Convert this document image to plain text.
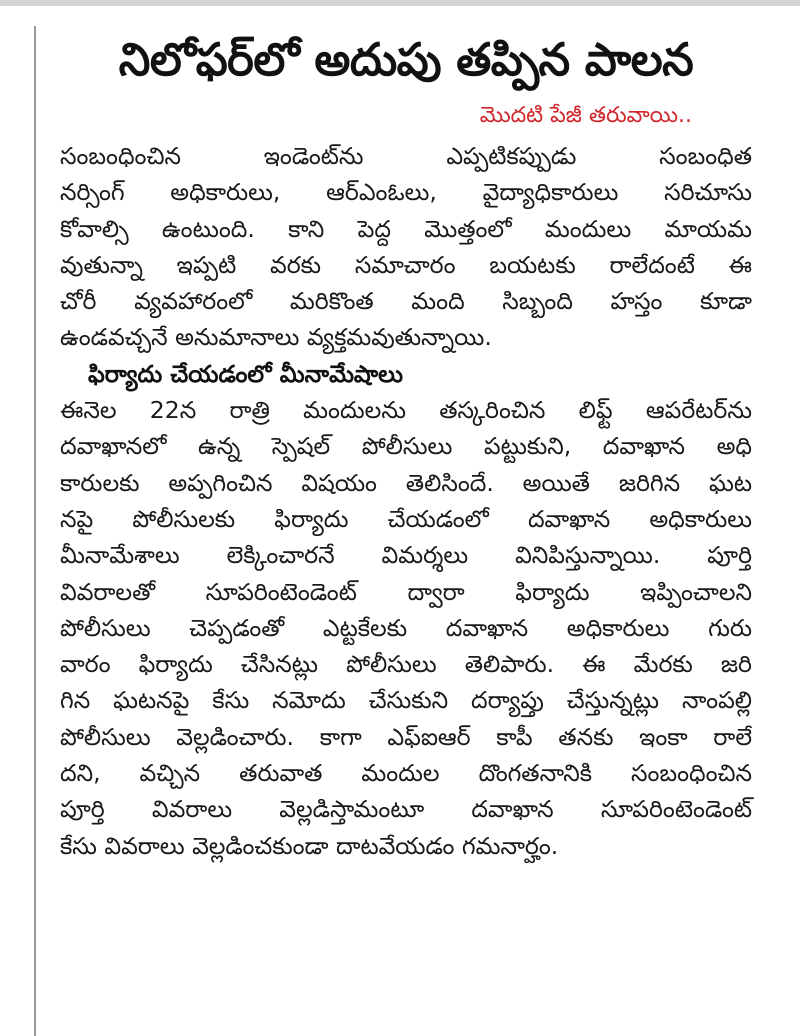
నిలోఫర్‌లో అదుపు తప్పిన పాలన
మొదటి పేజీ తరువాయి..
సంబంధించిన ఇండెంట్‌ను ఎప్పటికప్పుడు సంబంధిత
నర్సింగ్ అధికారులు, ఆర్ఎంఓలు, వైద్యాధికారులు సరిచూసు
కోవాల్సి ఉంటుంది. కాని పెద్ద మొత్తంలో మందులు మాయమ
వుతున్నా ఇప్పటి వరకు సమాచారం బయటకు రాలేదంటే ఈ
చోరీ వ్యవహారంలో మరికొంత మంది సిబ్బంది హస్తం కూడా
ఉండవచ్చనే అనుమానాలు వ్యక్తమవుతున్నాయి.
ఫిర్యాదు చేయడంలో మీనామేషాలు
ఈనెల 22న రాత్రి మందులను తస్కరించిన లిఫ్ట్ ఆపరేటర్‌ను
దవాఖానలో ఉన్న స్పెషల్ పోలీసులు పట్టుకుని, దవాఖాన అధి
కారులకు అప్పగించిన విషయం తెలిసిందే. అయితే జరిగిన ఘట
నపై పోలీసులకు ఫిర్యాదు చేయడంలో దవాఖాన అధికారులు
మీనామేశాలు లెక్కించారనే విమర్శలు వినిపిస్తున్నాయి. పూర్తి
వివరాలతో సూపరింటెండెంట్ ద్వారా ఫిర్యాదు ఇప్పించాలని
పోలీసులు చెప్పడంతో ఎట్టకేలకు దవాఖాన అధికారులు గురు
వారం ఫిర్యాదు చేసినట్లు పోలీసులు తెలిపారు. ఈ మేరకు జరి
గిన ఘటనపై కేసు నమోదు చేసుకుని దర్యాప్తు చేస్తున్నట్లు నాంపల్లి
పోలీసులు వెల్లడించారు. కాగా ఎఫ్ఐఆర్ కాపీ తనకు ఇంకా రాలే
దని, వచ్చిన తరువాత మందుల దొంగతనానికి సంబంధించిన
పూర్తి వివరాలు వెల్లడిస్తామంటూ దవాఖాన సూపరింటెండెంట్
కేసు వివరాలు వెల్లడించకుండా దాటవేయడం గమనార్హం.
